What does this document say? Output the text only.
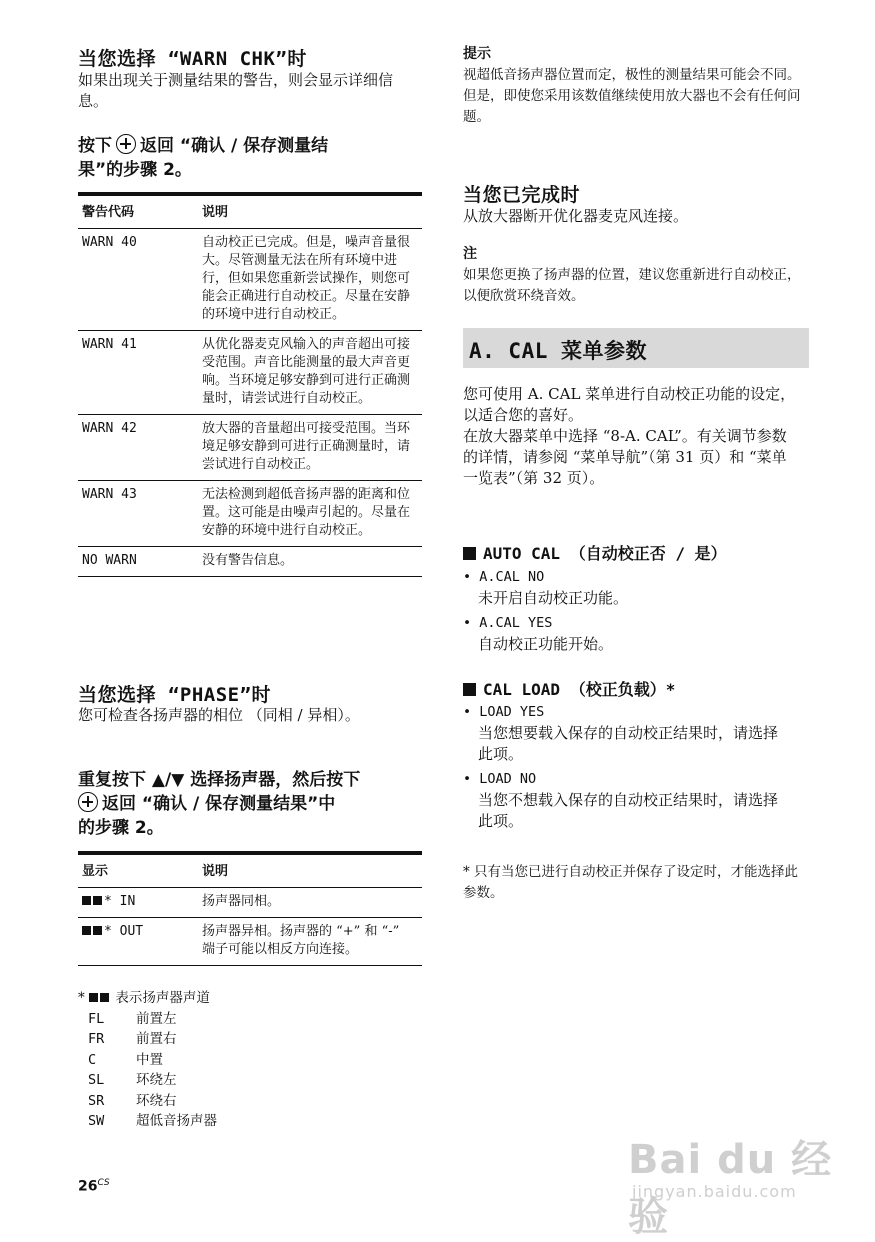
当您选择 “WARN CHK”时
如果出现关于测量结果的警告，则会显示详细信息。
按下 返回 “确认 / 保存测量结
果”的步骤 2。
警告代码	说明
WARN 40	自动校正已完成。但是，噪声音量很大。尽管测量无法在所有环境中进行，但如果您重新尝试操作，则您可能会正确进行自动校正。尽量在安静的环境中进行自动校正。
WARN 41	从优化器麦克风输入的声音超出可接受范围。声音比能测量的最大声音更响。当环境足够安静到可进行正确测量时，请尝试进行自动校正。
WARN 42	放大器的音量超出可接受范围。当环境足够安静到可进行正确测量时，请尝试进行自动校正。
WARN 43	无法检测到超低音扬声器的距离和位置。这可能是由噪声引起的。尽量在安静的环境中进行自动校正。
NO WARN	没有警告信息。
当您选择 “PHASE”时
您可检查各扬声器的相位 （同相 / 异相）。
重复按下 ▲/▼ 选择扬声器，然后按下
返回 “确认 / 保存测量结果”中
的步骤 2。
显示	说明
* IN	扬声器同相。
* OUT	扬声器异相。扬声器的 “+” 和 “-” 端子可能以相反方向连接。
* 表示扬声器声道
FL	前置左
FR	前置右
C	中置
SL	环绕左
SR	环绕右
SW	超低音扬声器
提示
视超低音扬声器位置而定，极性的测量结果可能会不同。但是，即使您采用该数值继续使用放大器也不会有任何问题。
当您已完成时
从放大器断开优化器麦克风连接。
注
如果您更换了扬声器的位置，建议您重新进行自动校正，以便欣赏环绕音效。
A. CAL 菜单参数
您可使用 A. CAL 菜单进行自动校正功能的设定，以适合您的喜好。
在放大器菜单中选择 “8-A. CAL”。有关调节参数的详情，请参阅 “菜单导航”（第 31 页）和 “菜单一览表”（第 32 页）。
AUTO CAL （自动校正否 / 是）
• A.CAL NO
未开启自动校正功能。
• A.CAL YES
自动校正功能开始。
CAL LOAD （校正负载）*
• LOAD YES
当您想要载入保存的自动校正结果时，请选择此项。
• LOAD NO
当您不想载入保存的自动校正结果时，请选择此项。
* 只有当您已进行自动校正并保存了设定时，才能选择此参数。
$26^{CS}$	Bai du 经验
jingyan.baidu.com
